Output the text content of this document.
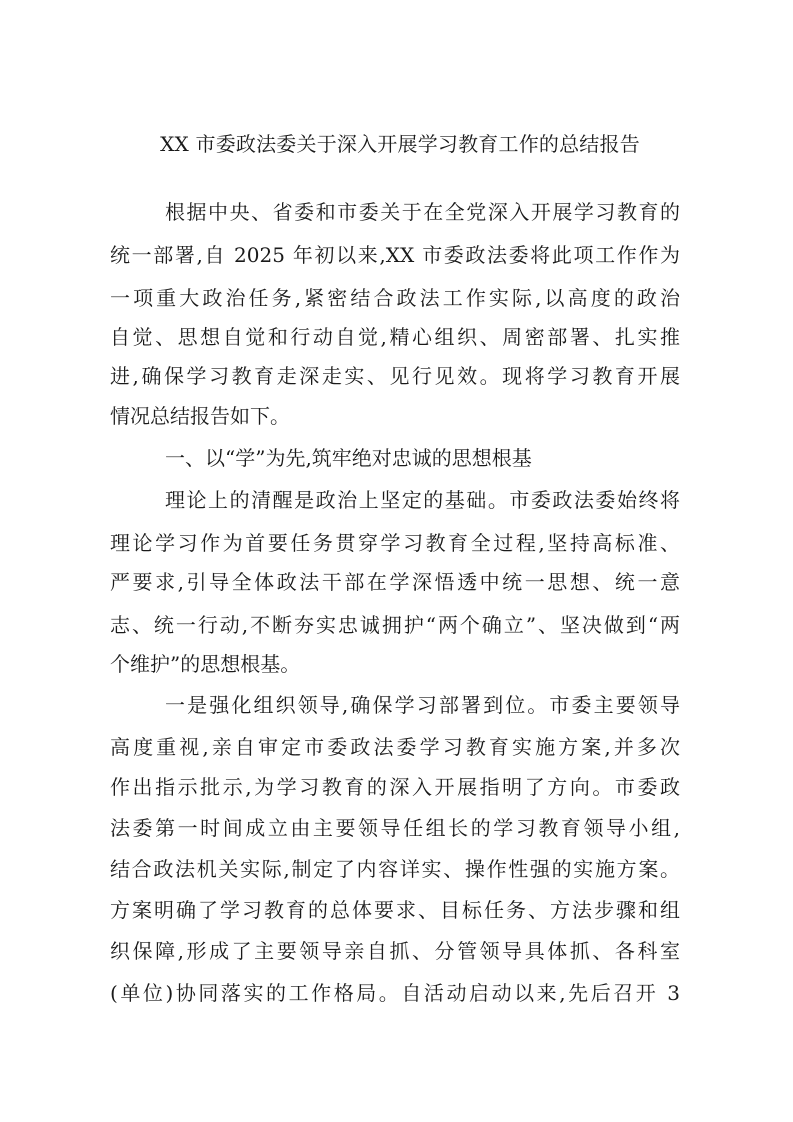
XX 市委政法委关于深入开展学习教育工作的总结报告

根据中央、省委和市委关于在全党深入开展学习教育的

统一部署,自 2025 年初以来,XX 市委政法委将此项工作作为

一项重大政治任务,紧密结合政法工作实际,以高度的政治

自觉、思想自觉和行动自觉,精心组织、周密部署、扎实推

进,确保学习教育走深走实、见行见效。现将学习教育开展

情况总结报告如下。

一、以“学”为先,筑牢绝对忠诚的思想根基

理论上的清醒是政治上坚定的基础。市委政法委始终将

理论学习作为首要任务贯穿学习教育全过程,坚持高标准、

严要求,引导全体政法干部在学深悟透中统一思想、统一意

志、统一行动,不断夯实忠诚拥护“两个确立”、坚决做到“两

个维护”的思想根基。

一是强化组织领导,确保学习部署到位。市委主要领导

高度重视,亲自审定市委政法委学习教育实施方案,并多次

作出指示批示,为学习教育的深入开展指明了方向。市委政

法委第一时间成立由主要领导任组长的学习教育领导小组,

结合政法机关实际,制定了内容详实、操作性强的实施方案。

方案明确了学习教育的总体要求、目标任务、方法步骤和组

织保障,形成了主要领导亲自抓、分管领导具体抓、各科室

(单位)协同落实的工作格局。自活动启动以来,先后召开 3
